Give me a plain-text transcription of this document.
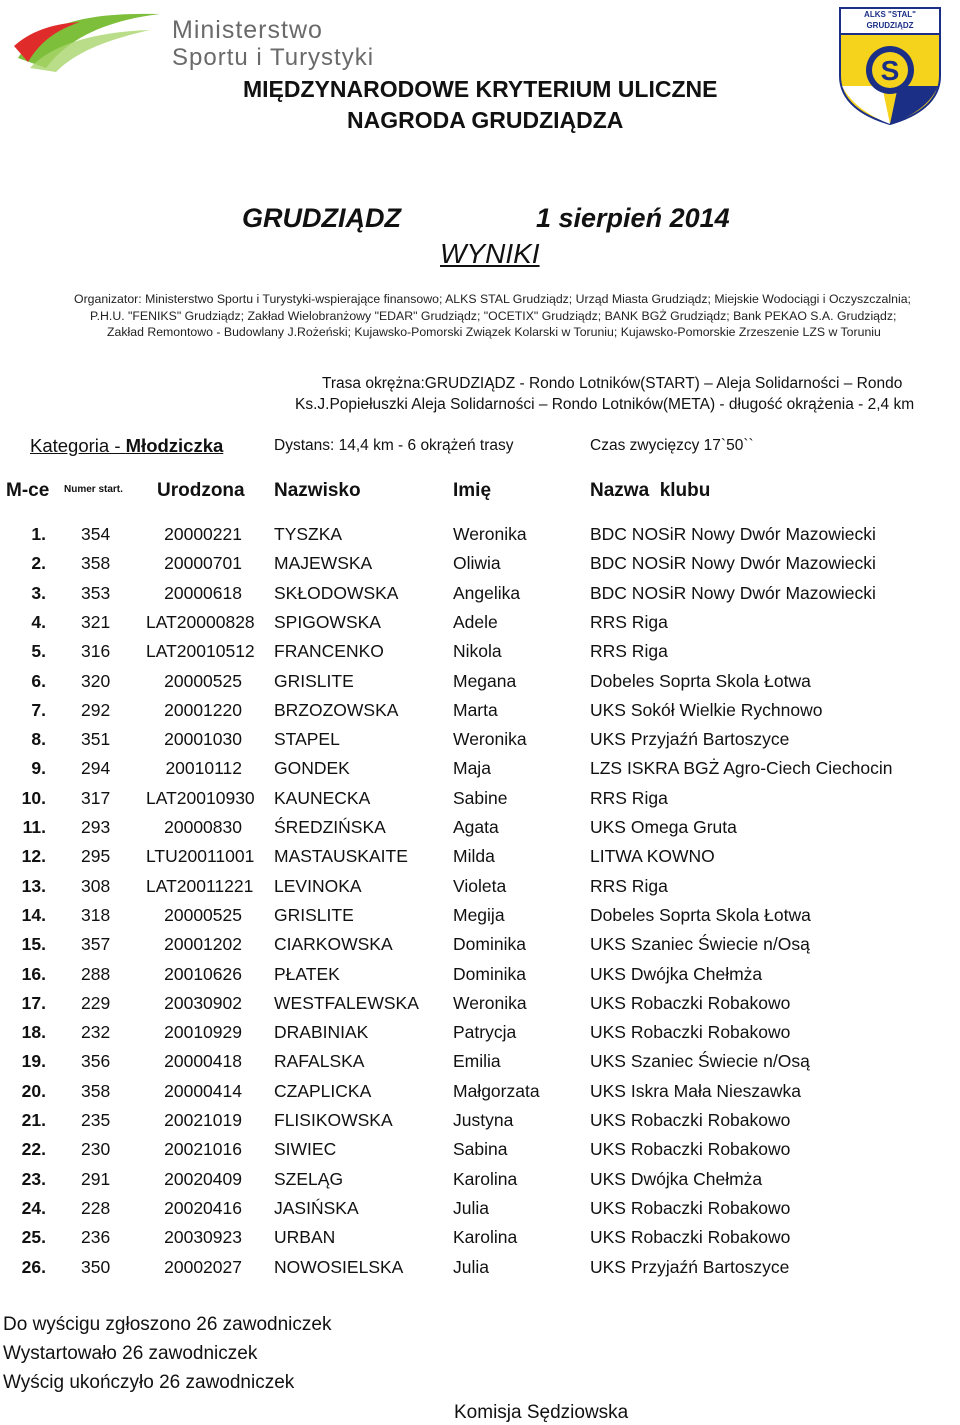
Ministerstwo
Sportu i Turystyki	S
ALKS "STAL"
GRUDZIĄDZ
MIĘDZYNARODOWE KRYTERIUM ULICZNE
NAGRODA GRUDZIĄDZA
GRUDZIĄDZ	1 sierpień 2014
WYNIKI
Organizator: Ministerstwo Sportu i Turystyki-wspierające finansowo; ALKS STAL Grudziądz; Urząd Miasta Grudziądz; Miejskie Wodociągi i Oczyszczalnia;
P.H.U. "FENIKS" Grudziądz; Zakład Wielobranżowy "EDAR" Grudziądz; "OCETIX" Grudziądz; BANK BGŻ Grudziądz; Bank PEKAO S.A. Grudziądz;
Zakład Remontowo - Budowlany J.Rożeński; Kujawsko-Pomorski Związek Kolarski w Toruniu; Kujawsko-Pomorskie Zrzeszenie LZS w Toruniu
Trasa okrężna:GRUDZIĄDZ - Rondo Lotników(START) – Aleja Solidarności – Rondo
Ks.J.Popiełuszki Aleja Solidarności – Rondo Lotników(META) - długość okrążenia - 2,4 km
Kategoria - Młodziczka	Dystans: 14,4 km - 6 okrążeń trasy	Czas zwycięzcy 17`50``
M-ce Numer start. Urodzona Nazwisko	Imię	Nazwa  klubu
1. 354	20000221 TYSZKA	Weronika	BDC NOSiR Nowy Dwór Mazowiecki
2. 358	20000701 MAJEWSKA	Oliwia	BDC NOSiR Nowy Dwór Mazowiecki
3. 353	20000618 SKŁODOWSKA	Angelika	BDC NOSiR Nowy Dwór Mazowiecki
4. 321 LAT20000828 SPIGOWSKA	Adele	RRS Riga
5. 316 LAT20010512 FRANCENKO	Nikola	RRS Riga
6. 320	20000525 GRISLITE	Megana	Dobeles Soprta Skola Łotwa
7. 292	20001220 BRZOZOWSKA	Marta	UKS Sokół Wielkie Rychnowo
8. 351	20001030 STAPEL	Weronika	UKS Przyjaźń Bartoszyce
9. 294	20010112 GONDEK	Maja	LZS ISKRA BGŻ Agro-Ciech Ciechocin
10. 317 LAT20010930 KAUNECKA	Sabine	RRS Riga
11. 293	20000830 ŚREDZIŃSKA	Agata	UKS Omega Gruta
12. 295 LTU20011001 MASTAUSKAITE	Milda	LITWA KOWNO
13. 308 LAT20011221 LEVINOKA	Violeta	RRS Riga
14. 318	20000525 GRISLITE	Megija	Dobeles Soprta Skola Łotwa
15. 357	20001202 CIARKOWSKA	Dominika	UKS Szaniec Świecie n/Osą
16. 288	20010626 PŁATEK	Dominika	UKS Dwójka Chełmża
17. 229	20030902 WESTFALEWSKA Weronika	UKS Robaczki Robakowo
18. 232	20010929 DRABINIAK	Patrycja	UKS Robaczki Robakowo
19. 356	20000418 RAFALSKA	Emilia	UKS Szaniec Świecie n/Osą
20. 358	20000414 CZAPLICKA	Małgorzata	UKS Iskra Mała Nieszawka
21. 235	20021019 FLISIKOWSKA	Justyna	UKS Robaczki Robakowo
22. 230	20021016 SIWIEC	Sabina	UKS Robaczki Robakowo
23. 291	20020409 SZELĄG	Karolina	UKS Dwójka Chełmża
24. 228	20020416 JASIŃSKA	Julia	UKS Robaczki Robakowo
25. 236	20030923 URBAN	Karolina	UKS Robaczki Robakowo
26. 350	20002027 NOWOSIELSKA	Julia	UKS Przyjaźń Bartoszyce
Do wyścigu zgłoszono 26 zawodniczek
Wystartowało 26 zawodniczek
Wyścig ukończyło 26 zawodniczek
Komisja Sędziowska
